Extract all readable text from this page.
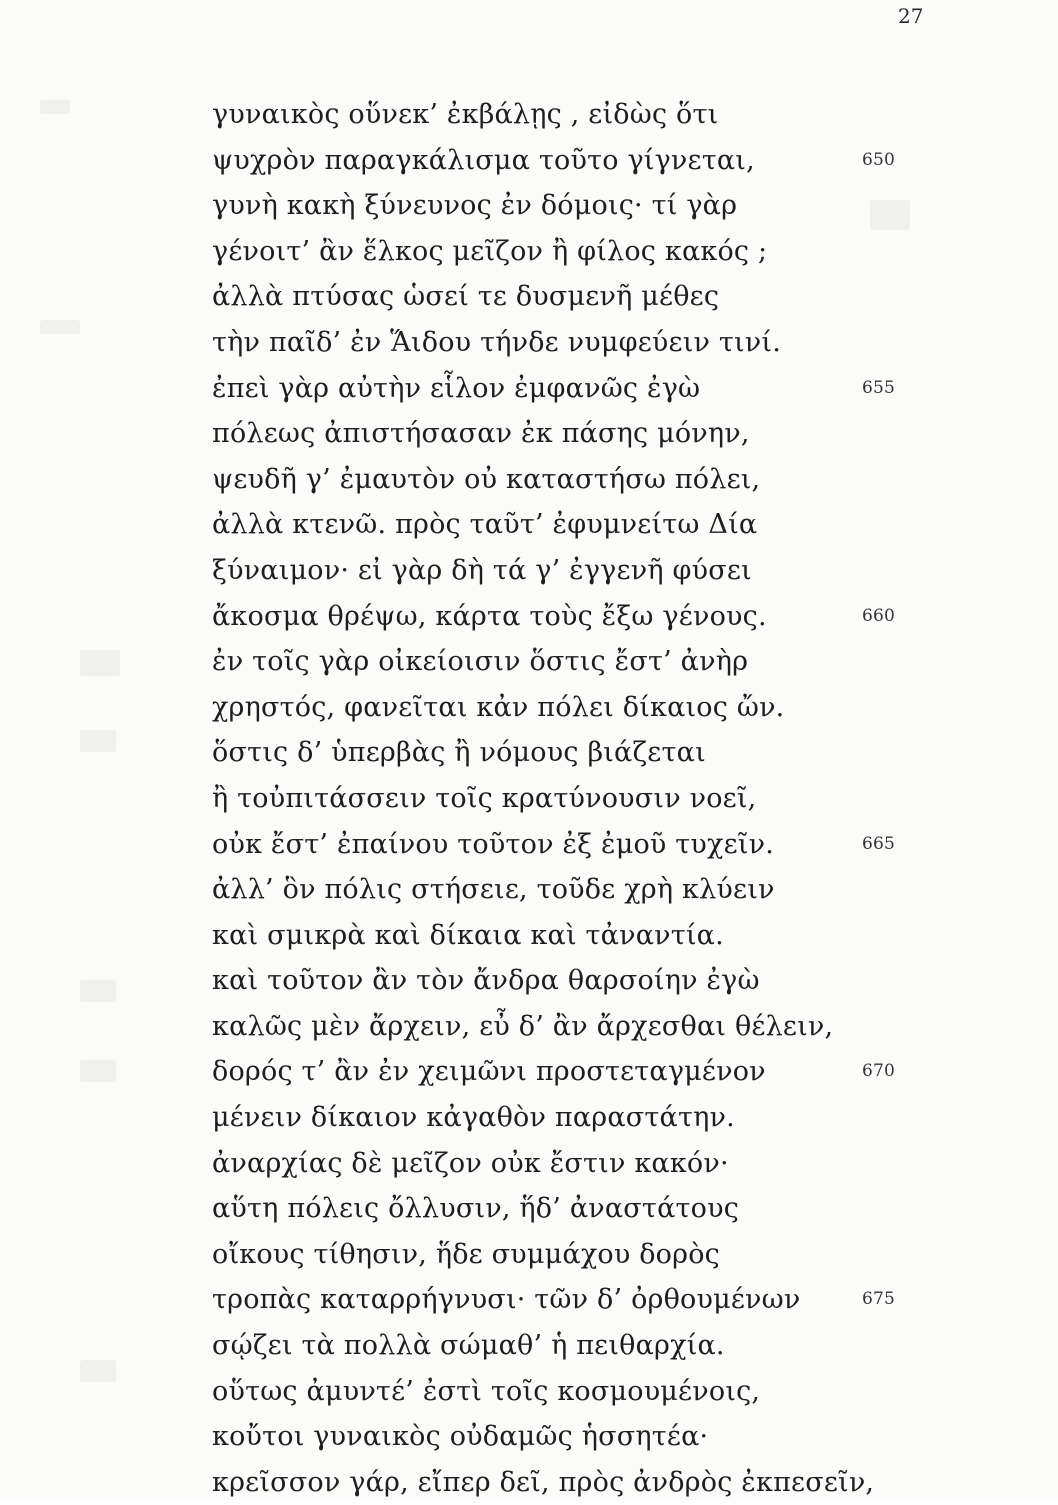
27
γυναικὸς οὕνεκ’ ἐκβάλῃς , εἰδὼς ὅτι
ψυχρὸν παραγκάλισμα τοῦτο γίγνεται,	650
γυνὴ κακὴ ξύνευνος ἐν δόμοις· τί γὰρ
γένοιτ’ ἂν ἕλκος μεῖζον ἢ φίλος κακός ;
ἀλλὰ πτύσας ὡσεί τε δυσμενῆ μέθες
τὴν παῖδ’ ἐν Ἅιδου τήνδε νυμφεύειν τινί.
ἐπεὶ γὰρ αὐτὴν εἷλον ἐμφανῶς ἐγὼ	655
πόλεως ἀπιστήσασαν ἐκ πάσης μόνην,
ψευδῆ γ’ ἐμαυτὸν οὐ καταστήσω πόλει,
ἀλλὰ κτενῶ. πρὸς ταῦτ’ ἐφυμνείτω Δία
ξύναιμον· εἰ γὰρ δὴ τά γ’ ἐγγενῆ φύσει
ἄκοσμα θρέψω, κάρτα τοὺς ἔξω γένους.	660
ἐν τοῖς γὰρ οἰκείοισιν ὅστις ἔστ’ ἀνὴρ
χρηστός, φανεῖται κἀν πόλει δίκαιος ὤν.
ὅστις δ’ ὑπερβὰς ἢ νόμους βιάζεται
ἢ τοὐπιτάσσειν τοῖς κρατύνουσιν νοεῖ,
οὐκ ἔστ’ ἐπαίνου τοῦτον ἐξ ἐμοῦ τυχεῖν.	665
ἀλλ’ ὃν πόλις στήσειε, τοῦδε χρὴ κλύειν
καὶ σμικρὰ καὶ δίκαια καὶ τἀναντία.
καὶ τοῦτον ἂν τὸν ἄνδρα θαρσοίην ἐγὼ
καλῶς μὲν ἄρχειν, εὖ δ’ ἂν ἄρχεσθαι θέλειν,
δορός τ’ ἂν ἐν χειμῶνι προστεταγμένον	670
μένειν δίκαιον κἀγαθὸν παραστάτην.
ἀναρχίας δὲ μεῖζον οὐκ ἔστιν κακόν·
αὕτη πόλεις ὄλλυσιν, ἥδ’ ἀναστάτους
οἴκους τίθησιν, ἥδε συμμάχου δορὸς
τροπὰς καταρρήγνυσι· τῶν δ’ ὀρθουμένων	675
σῴζει τὰ πολλὰ σώμαθ’ ἡ πειθαρχία.
οὕτως ἀμυντέ’ ἐστὶ τοῖς κοσμουμένοις,
κοὔτοι γυναικὸς οὐδαμῶς ἡσσητέα·
κρεῖσσον γάρ, εἴπερ δεῖ, πρὸς ἀνδρὸς ἐκπεσεῖν,
